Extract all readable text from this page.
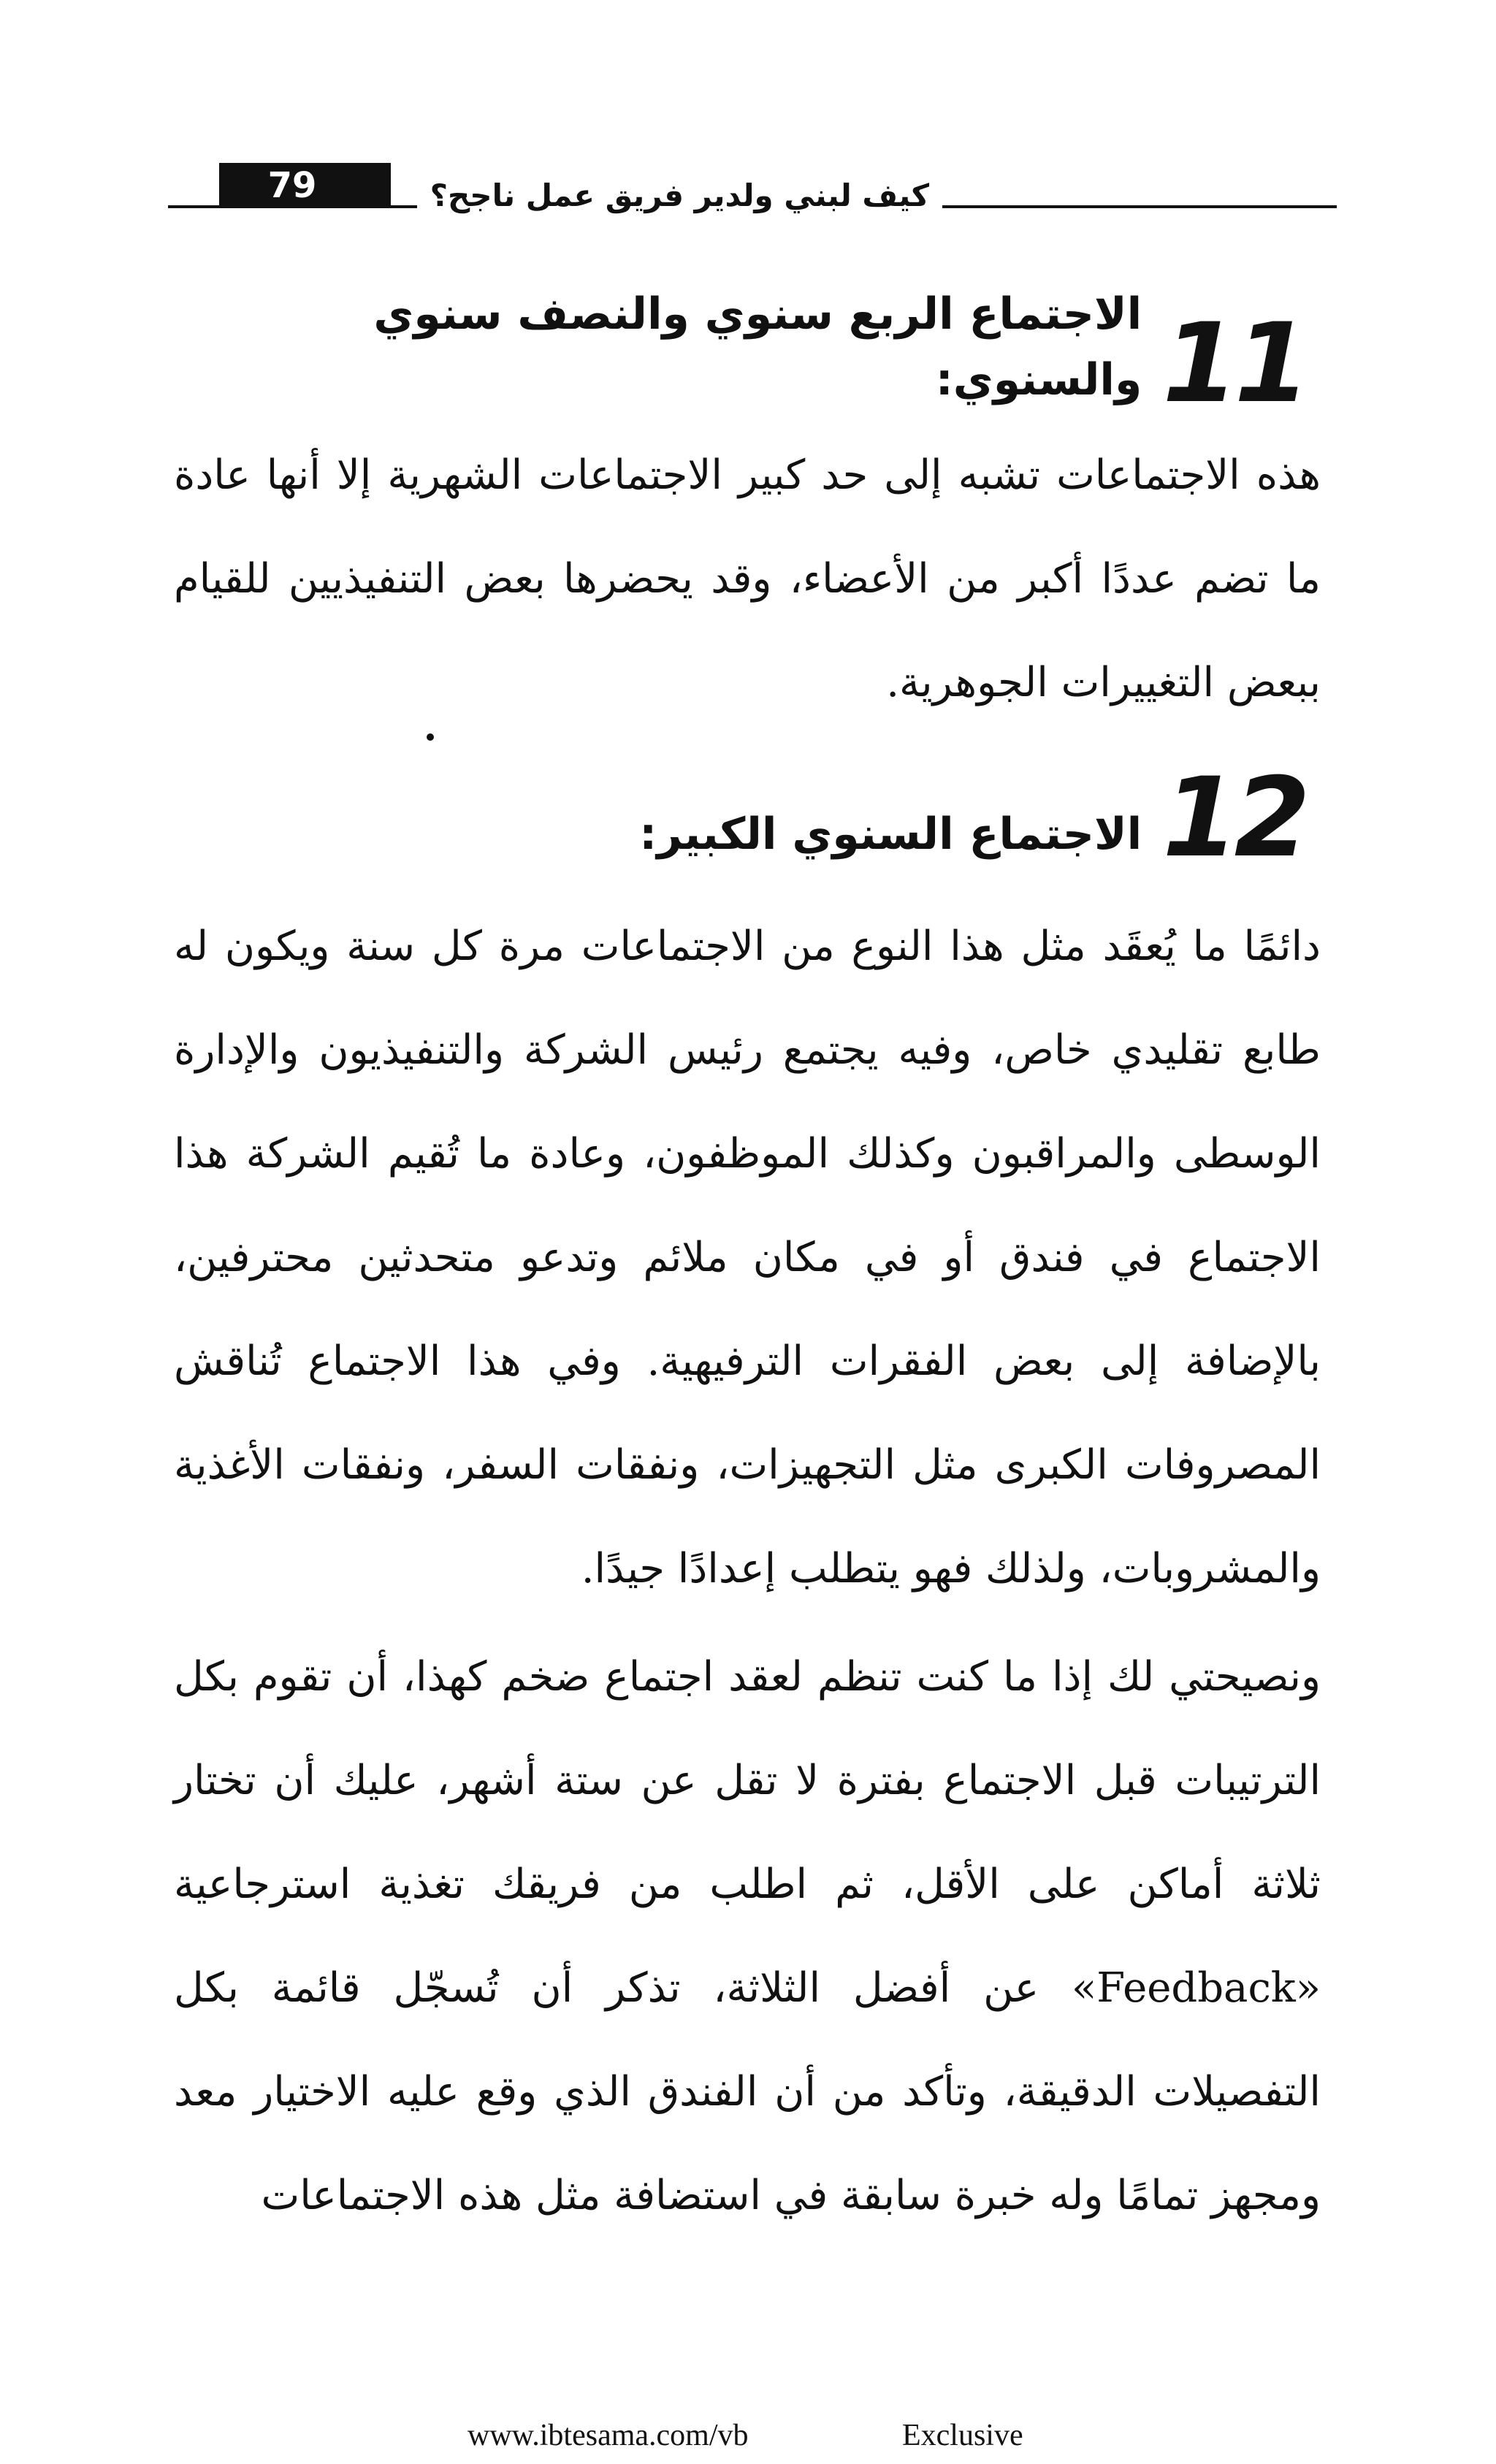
79	كيف لبني ولدير فريق عمل ناجح؟
11
الاجتماع الربع سنوي والنصف سنوي والسنوي:
هذه الاجتماعات تشبه إلى حد كبير الاجتماعات الشهرية إلا أنها عادة ما تضم عددًا أكبر من الأعضاء، وقد يحضرها بعض التنفيذيين للقيام ببعض التغييرات الجوهرية.
12
الاجتماع السنوي الكبير:
دائمًا ما يُعقَد مثل هذا النوع من الاجتماعات مرة كل سنة ويكون له طابع تقليدي خاص، وفيه يجتمع رئيس الشركة والتنفيذيون والإدارة الوسطى والمراقبون وكذلك الموظفون، وعادة ما تُقيم الشركة هذا الاجتماع في فندق أو في مكان ملائم وتدعو متحدثين محترفين، بالإضافة إلى بعض الفقرات الترفيهية. وفي هذا الاجتماع تُناقش المصروفات الكبرى مثل التجهيزات، ونفقات السفر، ونفقات الأغذية والمشروبات، ولذلك فهو يتطلب إعدادًا جيدًا.
ونصيحتي لك إذا ما كنت تنظم لعقد اجتماع ضخم كهذا، أن تقوم بكل الترتيبات قبل الاجتماع بفترة لا تقل عن ستة أشهر، عليك أن تختار ثلاثة أماكن على الأقل، ثم اطلب من فريقك تغذية استرجاعية «Feedback» عن أفضل الثلاثة، تذكر أن تُسجّل قائمة بكل التفصيلات الدقيقة، وتأكد من أن الفندق الذي وقع عليه الاختيار معد ومجهز تمامًا وله خبرة سابقة في استضافة مثل هذه الاجتماعات
www.ibtesama.com/vb	Exclusive
